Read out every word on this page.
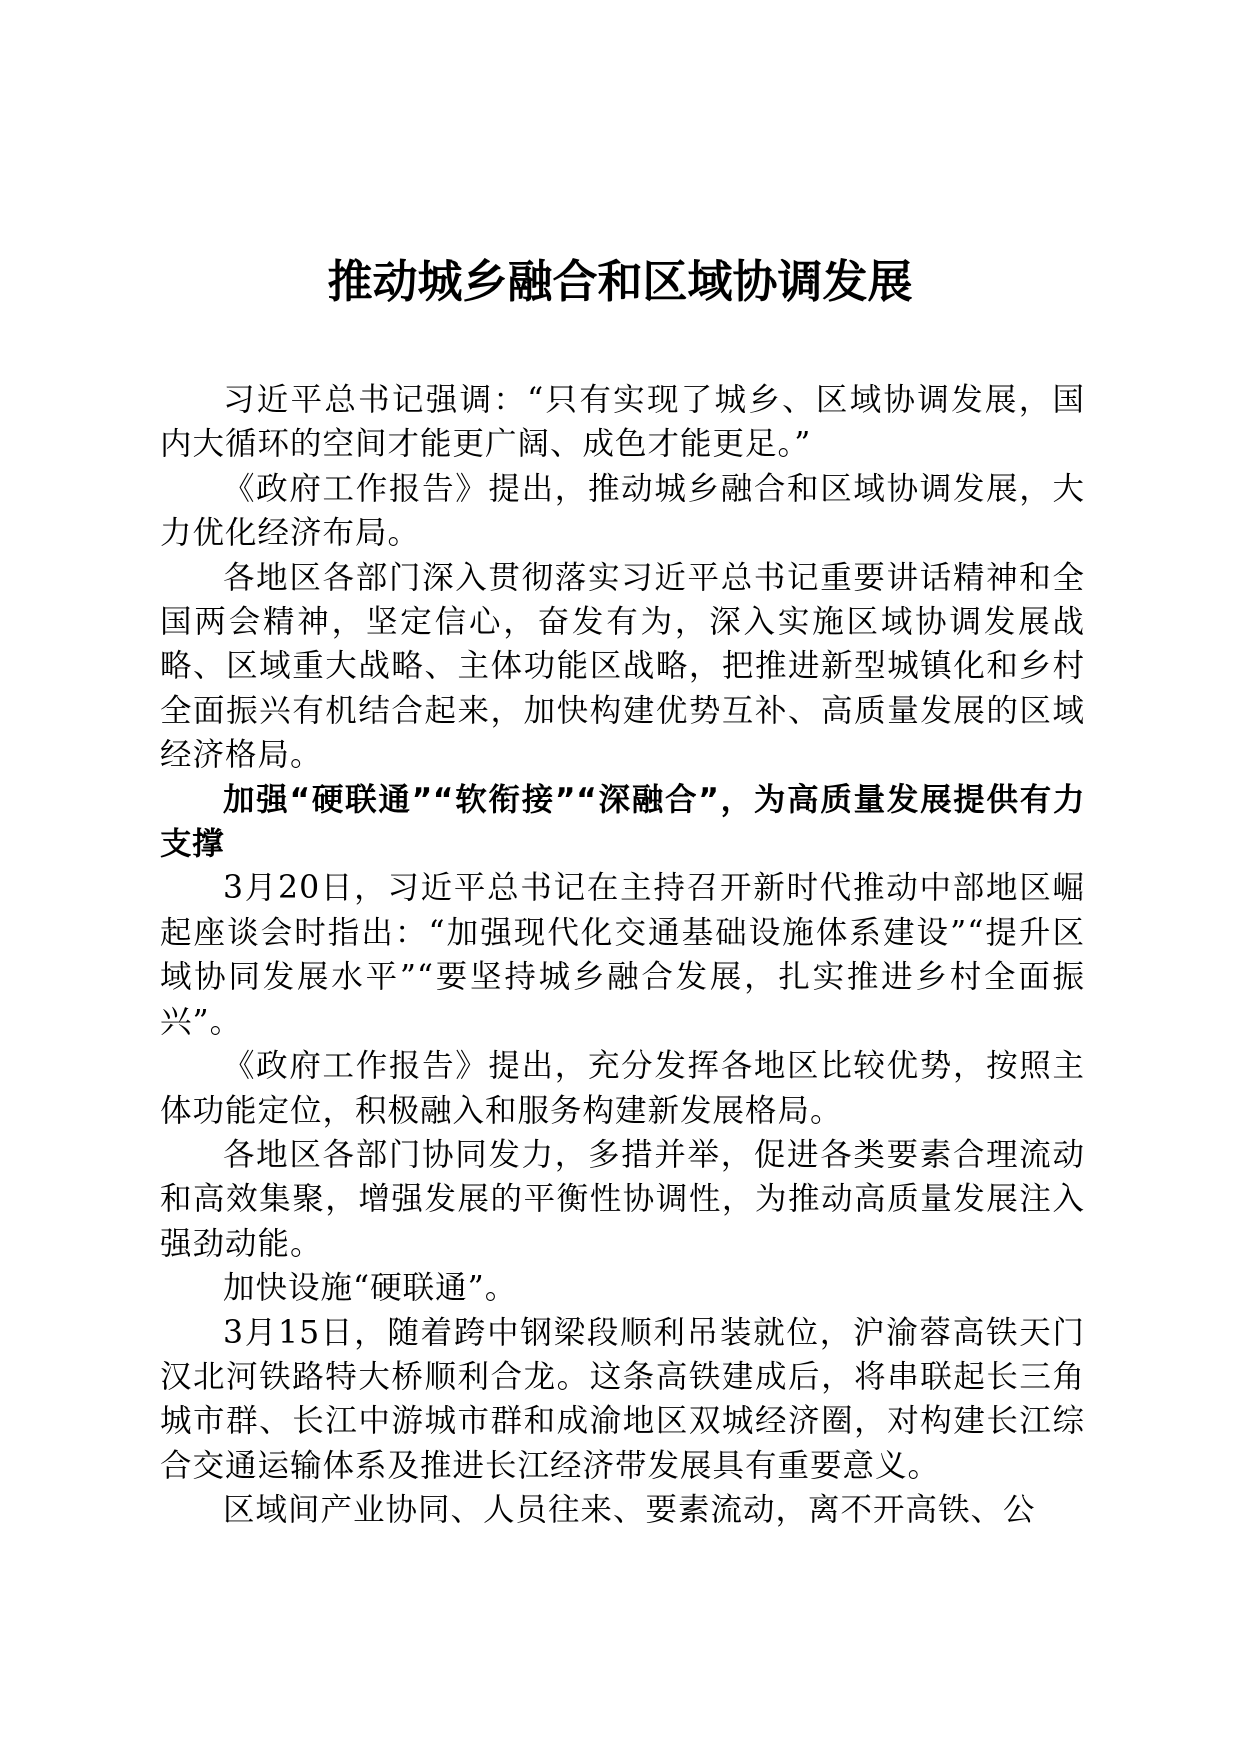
推动城乡融合和区域协调发展

习近平总书记强调：“只有实现了城乡、区域协调发展，国内大循环的空间才能更广阔、成色才能更足。”

《政府工作报告》提出，推动城乡融合和区域协调发展，大力优化经济布局。

各地区各部门深入贯彻落实习近平总书记重要讲话精神和全国两会精神，坚定信心，奋发有为，深入实施区域协调发展战略、区域重大战略、主体功能区战略，把推进新型城镇化和乡村全面振兴有机结合起来，加快构建优势互补、高质量发展的区域经济格局。

加强“硬联通”“软衔接”“深融合”，为高质量发展提供有力支撑

3月20日，习近平总书记在主持召开新时代推动中部地区崛起座谈会时指出：“加强现代化交通基础设施体系建设”“提升区域协同发展水平”“要坚持城乡融合发展，扎实推进乡村全面振兴”。

《政府工作报告》提出，充分发挥各地区比较优势，按照主体功能定位，积极融入和服务构建新发展格局。

各地区各部门协同发力，多措并举，促进各类要素合理流动和高效集聚，增强发展的平衡性协调性，为推动高质量发展注入强劲动能。

加快设施“硬联通”。

3月15日，随着跨中钢梁段顺利吊装就位，沪渝蓉高铁天门汉北河铁路特大桥顺利合龙。这条高铁建成后，将串联起长三角城市群、长江中游城市群和成渝地区双城经济圈，对构建长江综合交通运输体系及推进长江经济带发展具有重要意义。

区域间产业协同、人员往来、要素流动，离不开高铁、公
